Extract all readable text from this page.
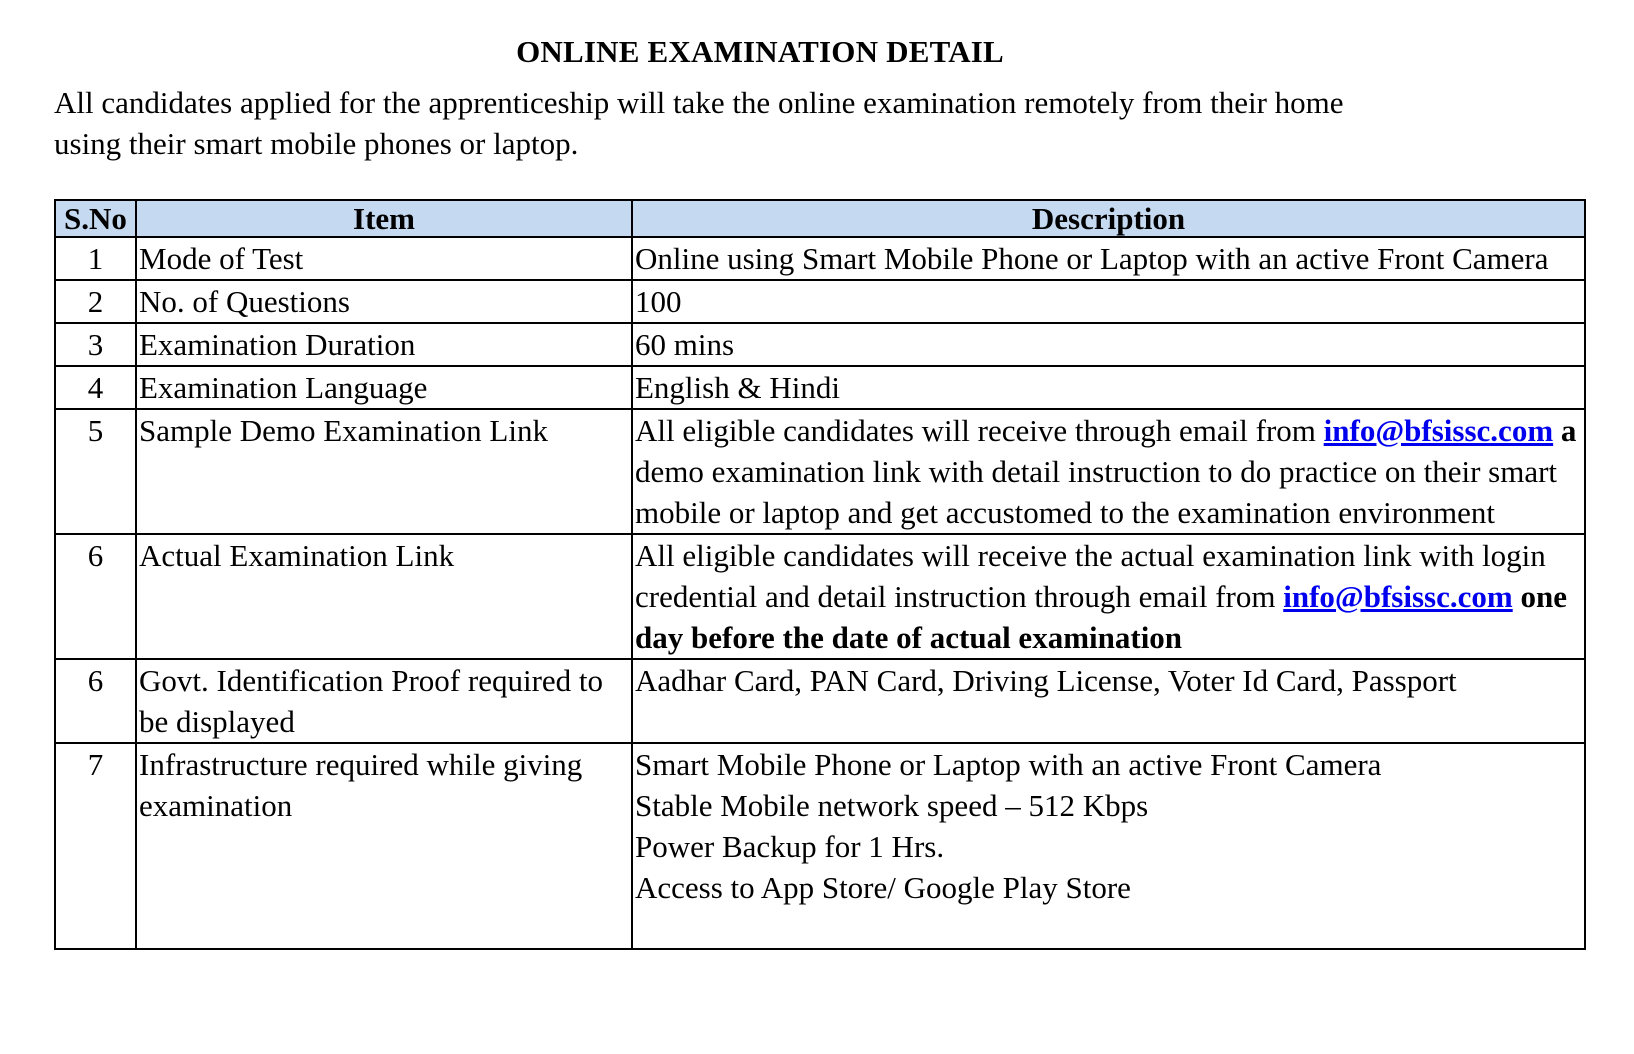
ONLINE EXAMINATION DETAIL
All candidates applied for the apprenticeship will take the online examination remotely from their home
using their smart mobile phones or laptop.
S.No	Item	Description
1	Mode of Test	Online using Smart Mobile Phone or Laptop with an active Front Camera
2	No. of Questions	100
3	Examination Duration	60 mins
4	Examination Language	English & Hindi
5	Sample Demo Examination Link	All eligible candidates will receive through email from info@bfsissc.com a demo examination link with detail instruction to do practice on their smart mobile or laptop and get accustomed to the examination environment
6	Actual Examination Link	All eligible candidates will receive the actual examination link with login credential and detail instruction through email from info@bfsissc.com one day before the date of actual examination
6	Govt. Identification Proof required to be displayed	Aadhar Card, PAN Card, Driving License, Voter Id Card, Passport
7	Infrastructure required while giving examination	Smart Mobile Phone or Laptop with an active Front Camera
Stable Mobile network speed – 512 Kbps
Power Backup for 1 Hrs.
Access to App Store/ Google Play Store
